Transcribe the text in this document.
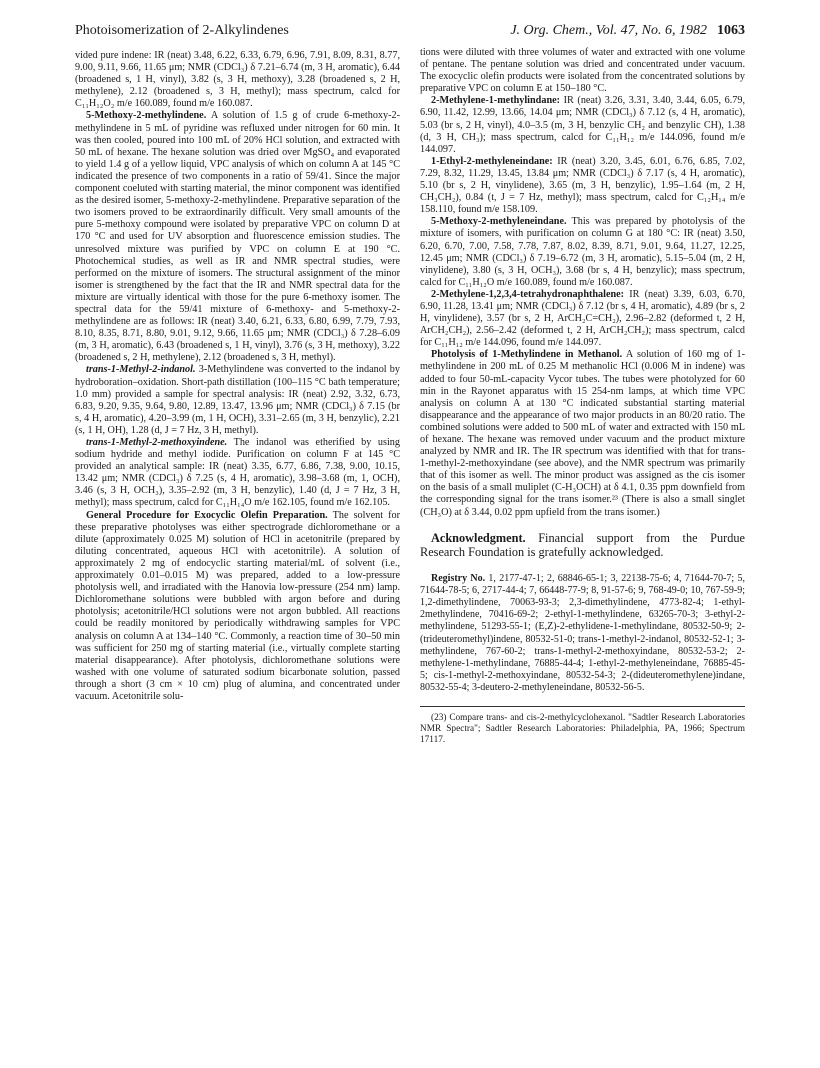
Photoisomerization of 2-Alkylindenes	J. Org. Chem., Vol. 47, No. 6, 1982 1063

vided pure indene: IR (neat) 3.48, 6.22, 6.33, 6.79, 6.96, 7.91, 8.09, 8.31, 8.77, 9.00, 9.11, 9.66, 11.65 μm; NMR (CDCl₃) δ 7.21–6.74 (m, 3 H, aromatic), 6.44 (broadened s, 1 H, vinyl), 3.82 (s, 3 H, methoxy), 3.28 (broadened s, 2 H, methylene), 2.12 (broadened s, 3 H, methyl); mass spectrum, calcd for C₁₁H₁₂O₂ m/e 160.089, found m/e 160.087.

5-Methoxy-2-methylindene. A solution of 1.5 g of crude 6-methoxy-2-methylindene in 5 mL of pyridine was refluxed under nitrogen for 60 min. It was then cooled, poured into 100 mL of 20% HCl solution, and extracted with 50 mL of hexane. The hexane solution was dried over MgSO₄ and evaporated to yield 1.4 g of a yellow liquid, VPC analysis of which on column A at 145 °C indicated the presence of two components in a ratio of 59/41. Since the major component coeluted with starting material, the minor component was identified as the desired isomer, 5-methoxy-2-methylindene. Preparative separation of the two isomers proved to be extraordinarily difficult. Very small amounts of the pure 5-methoxy compound were isolated by preparative VPC on column D at 170 °C and used for UV absorption and fluorescence emission studies. The unresolved mixture was purified by VPC on column E at 190 °C. Photochemical studies, as well as IR and NMR spectral studies, were performed on the mixture of isomers. The structural assignment of the minor isomer is strengthened by the fact that the IR and NMR spectral data for the mixture are virtually identical with those for the pure 6-methoxy isomer. The spectral data for the 59/41 mixture of 6-methoxy- and 5-methoxy-2-methylindene are as follows: IR (neat) 3.40, 6.21, 6.33, 6.80, 6.99, 7.79, 7.93, 8.10, 8.35, 8.71, 8.80, 9.01, 9.12, 9.66, 11.65 μm; NMR (CDCl₃) δ 7.28–6.09 (m, 3 H, aromatic), 6.43 (broadened s, 1 H, vinyl), 3.76 (s, 3 H, methoxy), 3.22 (broadened s, 2 H, methylene), 2.12 (broadened s, 3 H, methyl).

trans-1-Methyl-2-indanol. 3-Methylindene was converted to the indanol by hydroboration–oxidation. Short-path distillation (100–115 °C bath temperature; 1.0 mm) provided a sample for spectral analysis: IR (neat) 2.92, 3.32, 6.73, 6.83, 9.20, 9.35, 9.64, 9.80, 12.89, 13.47, 13.96 μm; NMR (CDCl₃) δ 7.15 (br s, 4 H, aromatic), 4.20–3.99 (m, 1 H, OCH), 3.31–2.65 (m, 3 H, benzylic), 2.21 (s, 1 H, OH), 1.28 (d, J = 7 Hz, 3 H, methyl).

trans-1-Methyl-2-methoxyindene. The indanol was etherified by using sodium hydride and methyl iodide. Purification on column F at 145 °C provided an analytical sample: IR (neat) 3.35, 6.77, 6.86, 7.38, 9.00, 10.15, 13.42 μm; NMR (CDCl₃) δ 7.25 (s, 4 H, aromatic), 3.98–3.68 (m, 1, OCH), 3.46 (s, 3 H, OCH₃), 3.35–2.92 (m, 3 H, benzylic), 1.40 (d, J = 7 Hz, 3 H, methyl); mass spectrum, calcd for C₁₁H₁₄O m/e 162.105, found m/e 162.105.

General Procedure for Exocyclic Olefin Preparation. The solvent for these preparative photolyses was either spectrograde dichloromethane or a dilute (approximately 0.025 M) solution of HCl in acetonitrile (prepared by diluting concentrated, aqueous HCl with acetonitrile). A solution of approximately 2 mg of endocyclic starting material/mL of solvent (i.e., approximately 0.01–0.015 M) was prepared, added to a low-pressure photolysis well, and irradiated with the Hanovia low-pressure (254 nm) lamp. Dichloromethane solutions were bubbled with argon before and during photolysis; acetonitrile/HCl solutions were not argon bubbled. All reactions could be readily monitored by periodically withdrawing samples for VPC analysis on column A at 134–140 °C. Commonly, a reaction time of 30–50 min was sufficient for 250 mg of starting material (i.e., virtually complete starting material disappearance). After photolysis, dichloromethane solutions were washed with one volume of saturated sodium bicarbonate solution, passed through a short (3 cm × 10 cm) plug of alumina, and concentrated under vacuum. Acetonitrile solu-

tions were diluted with three volumes of water and extracted with one volume of pentane. The pentane solution was dried and concentrated under vacuum. The exocyclic olefin products were isolated from the concentrated solutions by preparative VPC on column E at 150–180 °C.

2-Methylene-1-methylindane: IR (neat) 3.26, 3.31, 3.40, 3.44, 6.05, 6.79, 6.90, 11.42, 12.99, 13.66, 14.04 μm; NMR (CDCl₃) δ 7.12 (s, 4 H, aromatic), 5.03 (br s, 2 H, vinyl), 4.0–3.5 (m, 3 H, benzylic CH₂ and benzylic CH), 1.38 (d, 3 H, CH₃); mass spectrum, calcd for C₁₁H₁₂ m/e 144.096, found m/e 144.097.

1-Ethyl-2-methyleneindane: IR (neat) 3.20, 3.45, 6.01, 6.76, 6.85, 7.02, 7.29, 8.32, 11.29, 13.45, 13.84 μm; NMR (CDCl₃) δ 7.17 (s, 4 H, aromatic), 5.10 (br s, 2 H, vinylidene), 3.65 (m, 3 H, benzylic), 1.95–1.64 (m, 2 H, CH₃CH₂), 0.84 (t, J = 7 Hz, methyl); mass spectrum, calcd for C₁₂H₁₄ m/e 158.110, found m/e 158.109.

5-Methoxy-2-methyleneindane. This was prepared by photolysis of the mixture of isomers, with purification on column G at 180 °C: IR (neat) 3.50, 6.20, 6.70, 7.00, 7.58, 7.78, 7.87, 8.02, 8.39, 8.71, 9.01, 9.64, 11.27, 12.25, 12.45 μm; NMR (CDCl₃) δ 7.19–6.72 (m, 3 H, aromatic), 5.15–5.04 (m, 2 H, vinylidene), 3.80 (s, 3 H, OCH₃), 3.68 (br s, 4 H, benzylic); mass spectrum, calcd for C₁₁H₁₂O m/e 160.089, found m/e 160.087.

2-Methylene-1,2,3,4-tetrahydronaphthalene: IR (neat) 3.39, 6.03, 6.70, 6.90, 11.28, 13.41 μm; NMR (CDCl₃) δ 7.12 (br s, 4 H, aromatic), 4.89 (br s, 2 H, vinylidene), 3.57 (br s, 2 H, ArCH₂C=CH₂), 2.96–2.82 (deformed t, 2 H, ArCH₂CH₂), 2.56–2.42 (deformed t, 2 H, ArCH₂CH₂); mass spectrum, calcd for C₁₁H₁₂ m/e 144.096, found m/e 144.097.

Photolysis of 1-Methylindene in Methanol. A solution of 160 mg of 1-methylindene in 200 mL of 0.25 M methanolic HCl (0.006 M in indene) was added to four 50-mL-capacity Vycor tubes. The tubes were photolyzed for 60 min in the Rayonet apparatus with 15 254-nm lamps, at which time VPC analysis on column A at 130 °C indicated substantial starting material disappearance and the appearance of two major products in an 80/20 ratio. The combined solutions were added to 500 mL of water and extracted with 150 mL of hexane. The hexane was removed under vacuum and the product mixture analyzed by NMR and IR. The IR spectrum was identified with that for trans-1-methyl-2-methoxyindane (see above), and the NMR spectrum was primarily that of this isomer as well. The minor product was assigned as the cis isomer on the basis of a small muliplet (C-H₃OCH) at δ 4.1, 0.35 ppm downfield from the corresponding signal for the trans isomer.²³ (There is also a small singlet (CH₃O) at δ 3.44, 0.02 ppm upfield from the trans isomer.)

Acknowledgment. Financial support from the Purdue Research Foundation is gratefully acknowledged.

Registry No. 1, 2177-47-1; 2, 68846-65-1; 3, 22138-75-6; 4, 71644-70-7; 5, 71644-78-5; 6, 2717-44-4; 7, 66448-77-9; 8, 91-57-6; 9, 768-49-0; 10, 767-59-9; 1,2-dimethylindene, 70063-93-3; 2,3-dimethylindene, 4773-82-4; 1-ethyl-2methylindene, 70416-69-2; 2-ethyl-1-methylindene, 63265-70-3; 3-ethyl-2-methylindene, 51293-55-1; (E,Z)-2-ethylidene-1-methylindane, 80532-50-9; 2-(trideuteromethyl)indene, 80532-51-0; trans-1-methyl-2-indanol, 80532-52-1; 3-methylindene, 767-60-2; trans-1-methyl-2-methoxyindane, 80532-53-2; 2-methylene-1-methylindane, 76885-44-4; 1-ethyl-2-methyleneindane, 76885-45-5; cis-1-methyl-2-methoxyindane, 80532-54-3; 2-(dideuteromethylene)indane, 80532-55-4; 3-deutero-2-methyleneindane, 80532-56-5.

(23) Compare trans- and cis-2-methylcyclohexanol. "Sadtler Research Laboratories NMR Spectra"; Sadtler Research Laboratories: Philadelphia, PA, 1966; Spectrum 17117.
